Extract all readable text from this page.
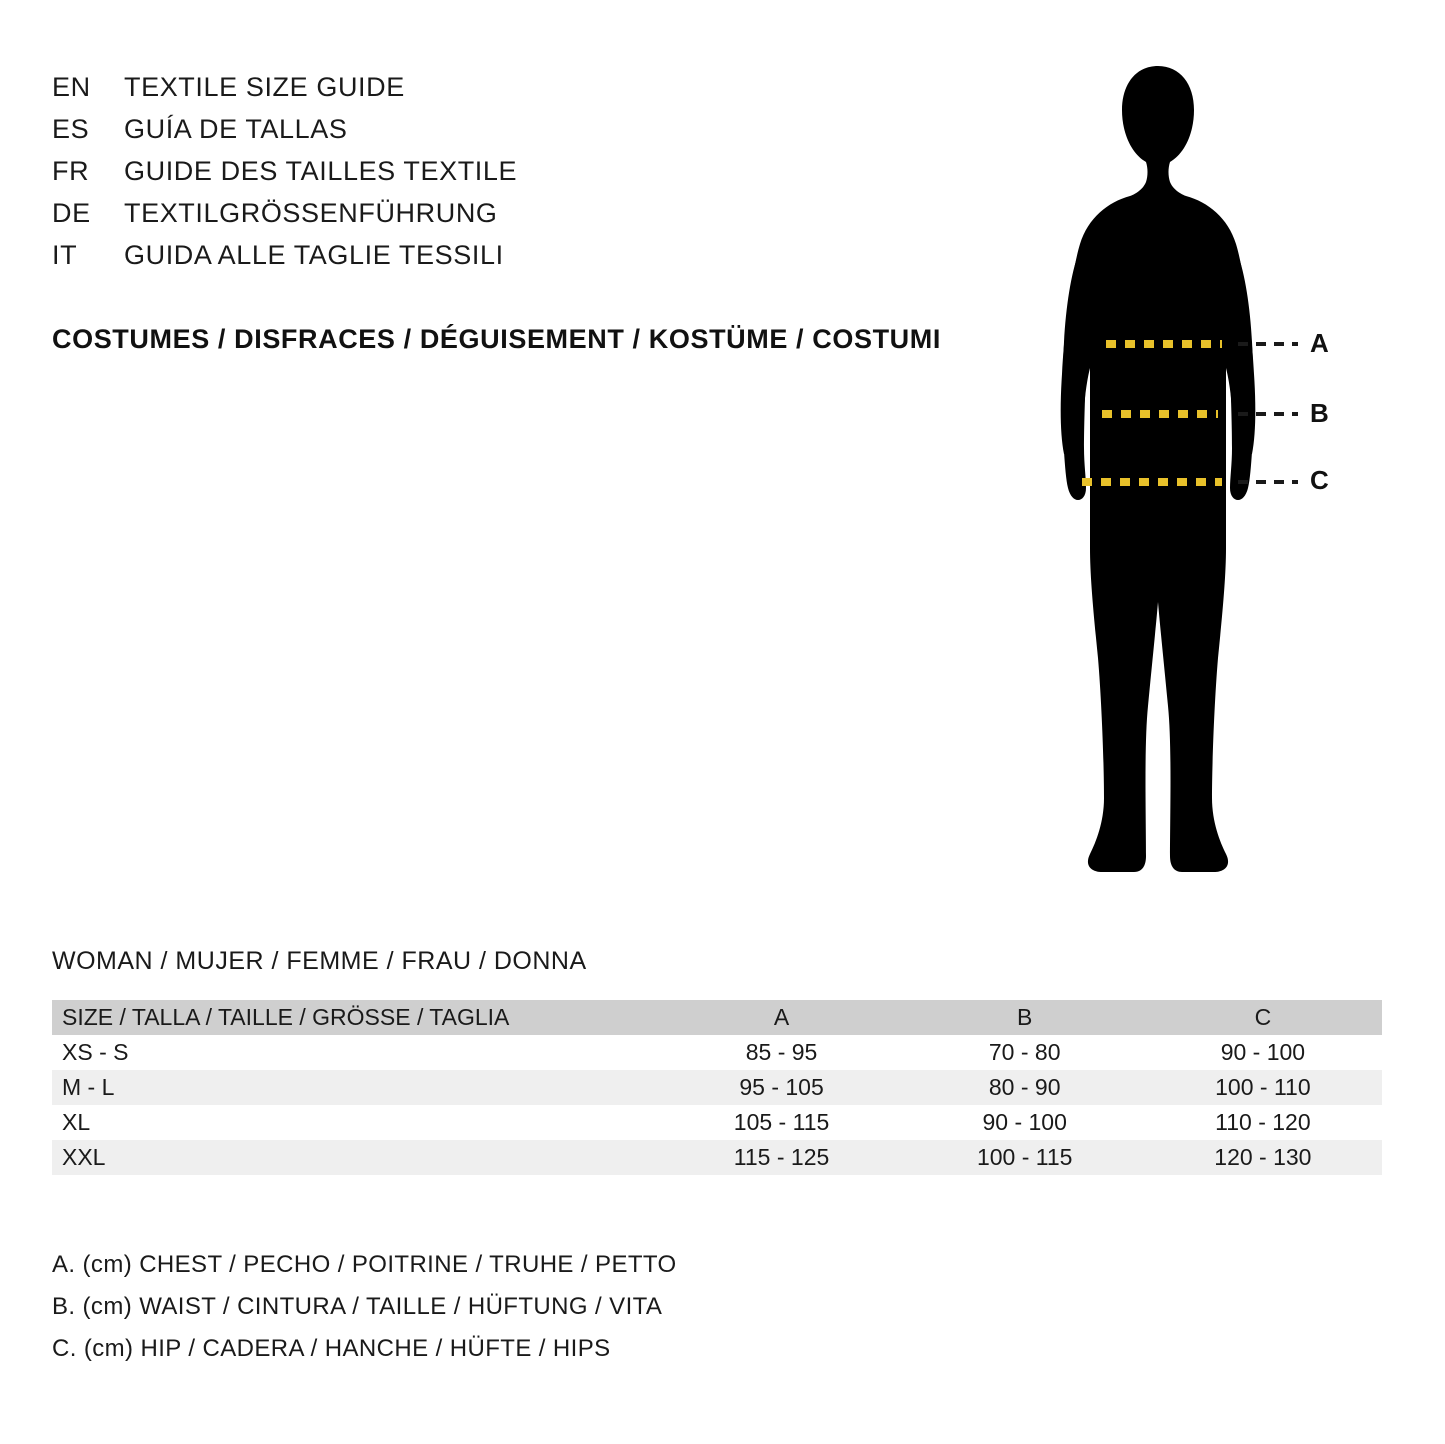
EN	TEXTILE SIZE GUIDE
ES	GUÍA DE TALLAS
FR	GUIDE DES TAILLES TEXTILE
DE	TEXTILGRÖSSENFÜHRUNG
IT	GUIDA ALLE TAGLIE TESSILI
COSTUMES / DISFRACES / DÉGUISEMENT / KOSTÜME / COSTUMI	A
B
C
WOMAN / MUJER / FEMME / FRAU / DONNA
SIZE / TALLA / TAILLE / GRÖSSE / TAGLIA	A	B	C
XS - S	85 - 95	70 - 80	90 - 100
M - L	95 - 105	80 - 90	100 - 110
XL	105 - 115	90 - 100	110 - 120
XXL	115 - 125	100 - 115	120 - 130
A. (cm) CHEST / PECHO / POITRINE / TRUHE / PETTO
B. (cm) WAIST / CINTURA / TAILLE / HÜFTUNG / VITA
C. (cm) HIP / CADERA / HANCHE / HÜFTE / HIPS
